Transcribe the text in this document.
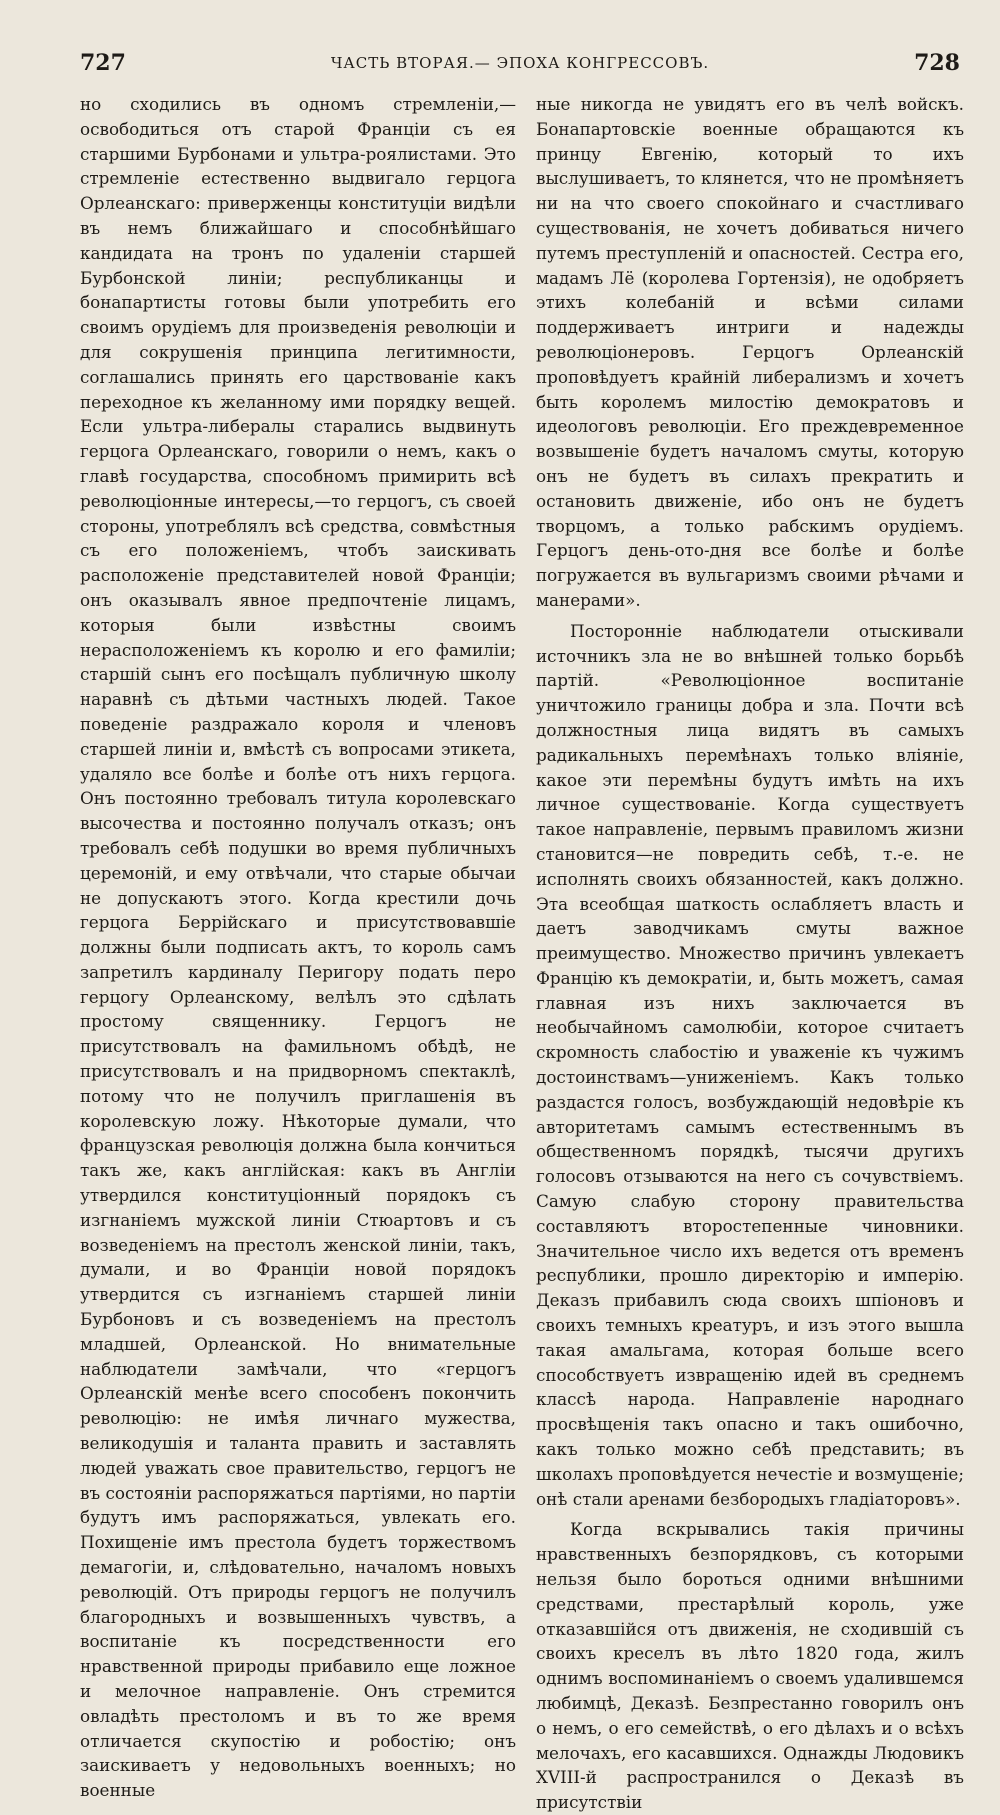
727	ЧАСТЬ ВТОРАЯ.— ЭПОХА КОНГРЕССОВЪ.	728

но сходились въ одномъ стремленіи,—освободиться отъ старой Франціи съ ея старшими Бурбонами и ультра-роялистами. Это стремленіе естественно выдвигало герцога Орлеанскаго: приверженцы конституціи видѣли въ немъ ближайшаго и способнѣйшаго кандидата на тронъ по удаленіи старшей Бурбонской линіи; республиканцы и бонапартисты готовы были употребить его своимъ орудіемъ для произведенія революціи и для сокрушенія принципа легитимности, соглашались принять его царствованіе какъ переходное къ желанному ими порядку вещей. Если ультра-либералы старались выдвинуть герцога Орлеанскаго, говорили о немъ, какъ о главѣ государства, способномъ примирить всѣ революціонные интересы,—то герцогъ, съ своей стороны, употреблялъ всѣ средства, совмѣстныя съ его положеніемъ, чтобъ заискивать расположеніе представителей новой Франціи; онъ оказывалъ явное предпочтеніе лицамъ, которыя были извѣстны своимъ нерасположеніемъ къ королю и его фамиліи; старшій сынъ его посѣщалъ публичную школу наравнѣ съ дѣтьми частныхъ людей. Такое поведеніе раздражало короля и членовъ старшей линіи и, вмѣстѣ съ вопросами этикета, удаляло все болѣе и болѣе отъ нихъ герцога. Онъ постоянно требовалъ титула королевскаго высочества и постоянно получалъ отказъ; онъ требовалъ себѣ подушки во время публичныхъ церемоній, и ему отвѣчали, что старые обычаи не допускаютъ этого. Когда крестили дочь герцога Беррійскаго и присутствовавшіе должны были подписать актъ, то король самъ запретилъ кардиналу Перигору подать перо герцогу Орлеанскому, велѣлъ это сдѣлать простому священнику. Герцогъ не присутствовалъ на фамильномъ обѣдѣ, не присутствовалъ и на придворномъ спектаклѣ, потому что не получилъ приглашенія въ королевскую ложу. Нѣкоторые думали, что французская революція должна была кончиться такъ же, какъ англійская: какъ въ Англіи утвердился конституціонный порядокъ съ изгнаніемъ мужской линіи Стюартовъ и съ возведеніемъ на престолъ женской линіи, такъ, думали, и во Франціи новой порядокъ утвердится съ изгнаніемъ старшей линіи Бурбоновъ и съ возведеніемъ на престолъ младшей, Орлеанской. Но внимательные наблюдатели замѣчали, что «герцогъ Орлеанскій менѣе всего способенъ покончить революцію: не имѣя личнаго мужества, великодушія и таланта править и заставлять людей уважать свое правительство, герцогъ не въ состояніи распоряжаться партіями, но партіи будутъ имъ распоряжаться, увлекать его. Похищеніе имъ престола будетъ торжествомъ демагогіи, и, слѣдовательно, началомъ новыхъ революцій. Отъ природы герцогъ не получилъ благородныхъ и возвышенныхъ чувствъ, а воспитаніе къ посредственности его нравственной природы прибавило еще ложное и мелочное направленіе. Онъ стремится овладѣть престоломъ и въ то же время отличается скупостію и робостію; онъ заискиваетъ у недовольныхъ военныхъ; но военные

ные никогда не увидятъ его въ челѣ войскъ. Бонапартовскіе военные обращаются къ принцу Евгенію, который то ихъ выслушиваетъ, то клянется, что не промѣняетъ ни на что своего спокойнаго и счастливаго существованія, не хочетъ добиваться ничего путемъ преступленій и опасностей. Сестра его, мадамъ Лё (королева Гортензія), не одобряетъ этихъ колебаній и всѣми силами поддерживаетъ интриги и надежды революціонеровъ. Герцогъ Орлеанскій проповѣдуетъ крайній либерализмъ и хочетъ быть королемъ милостію демократовъ и идеологовъ революціи. Его преждевременное возвышеніе будетъ началомъ смуты, которую онъ не будетъ въ силахъ прекратить и остановить движеніе, ибо онъ не будетъ творцомъ, а только рабскимъ орудіемъ. Герцогъ день-ото-дня все болѣе и болѣе погружается въ вульгаризмъ своими рѣчами и манерами».

Посторонніе наблюдатели отыскивали источникъ зла не во внѣшней только борьбѣ партій. «Революціонное воспитаніе уничтожило границы добра и зла. Почти всѣ должностныя лица видятъ въ самыхъ радикальныхъ перемѣнахъ только вліяніе, какое эти перемѣны будутъ имѣть на ихъ личное существованіе. Когда существуетъ такое направленіе, первымъ правиломъ жизни становится—не повредить себѣ, т.-е. не исполнять своихъ обязанностей, какъ должно. Эта всеобщая шаткость ослабляетъ власть и даетъ заводчикамъ смуты важное преимущество. Множество причинъ увлекаетъ Францію къ демократіи, и, быть можетъ, самая главная изъ нихъ заключается въ необычайномъ самолюбіи, которое считаетъ скромность слабостію и уваженіе къ чужимъ достоинствамъ—униженіемъ. Какъ только раздастся голосъ, возбуждающій недовѣріе къ авторитетамъ самымъ естественнымъ въ общественномъ порядкѣ, тысячи другихъ голосовъ отзываются на него съ сочувствіемъ. Самую слабую сторону правительства составляютъ второстепенные чиновники. Значительное число ихъ ведется отъ временъ республики, прошло директорію и имперію. Деказъ прибавилъ сюда своихъ шпіоновъ и своихъ темныхъ креатуръ, и изъ этого вышла такая амальгама, которая больше всего способствуетъ извращенію идей въ среднемъ классѣ народа. Направленіе народнаго просвѣщенія такъ опасно и такъ ошибочно, какъ только можно себѣ представить; въ школахъ проповѣдуется нечестіе и возмущеніе; онѣ стали аренами безбородыхъ гладіаторовъ».

Когда вскрывались такія причины нравственныхъ безпорядковъ, съ которыми нельзя было бороться одними внѣшними средствами, престарѣлый король, уже отказавшійся отъ движенія, не сходившій съ своихъ креселъ въ лѣто 1820 года, жилъ однимъ воспоминаніемъ о своемъ удалившемся любимцѣ, Деказѣ. Безпрестанно говорилъ онъ о немъ, о его семействѣ, о его дѣлахъ и о всѣхъ мелочахъ, его касавшихся. Однажды Людовикъ XVIII-й распространился о Деказѣ въ присутствіи
